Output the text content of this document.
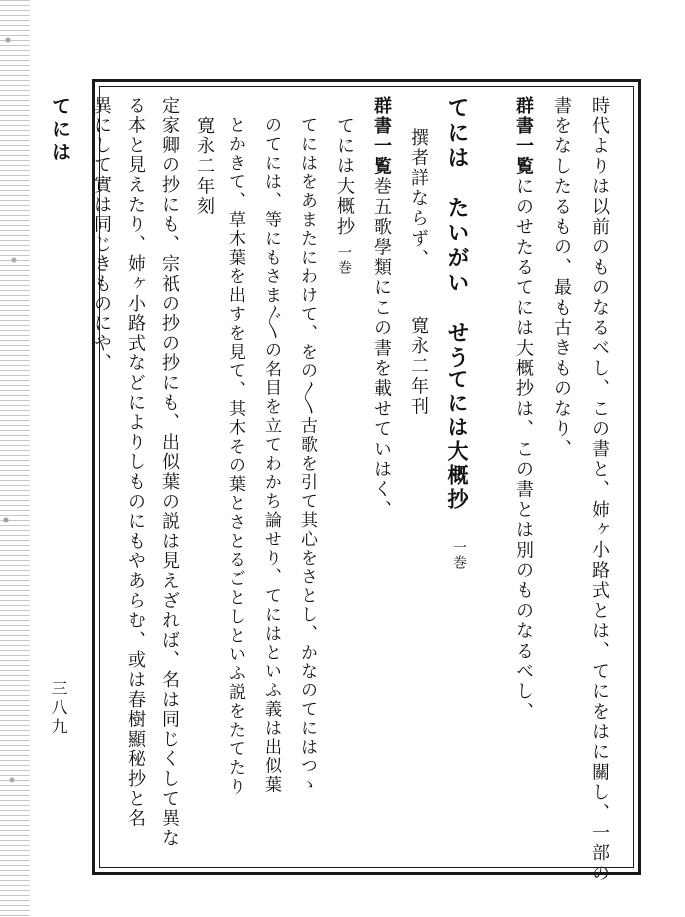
てには
三八九	時代よりは以前のものなるべし、この書と、姉ヶ小路式とは、てにをはに關し、一部の
書をなしたるもの、最も古きものなり、
群書一覧にのせたるてには大概抄は、この書とは別のものなるべし、
てには　たいがい　せう
てには大概抄
一巻
撰者詳ならず、
寛永二年刊
群書一覧巻五歌學類にこの書を載せていはく、
てには大概抄一巻
てにはをあまたにわけて、をの〳〵古歌を引て其心をさとし、かなのてにはつゝ
のてには、等にもさま〴〵の名目を立てわかち論せり、てにはといふ義は出似葉
とかきて、草木葉を出すを見て、其木その葉とさとるごとしといふ説をたてたり
寛永二年刻
定家卿の抄にも、宗祇の抄の抄にも、出似葉の説は見えざれば、名は同じくして異な
る本と見えたり、姉ヶ小路式などによりしものにもやあらむ、或は春樹顯秘抄と名
異にして實は同じきものにや、
